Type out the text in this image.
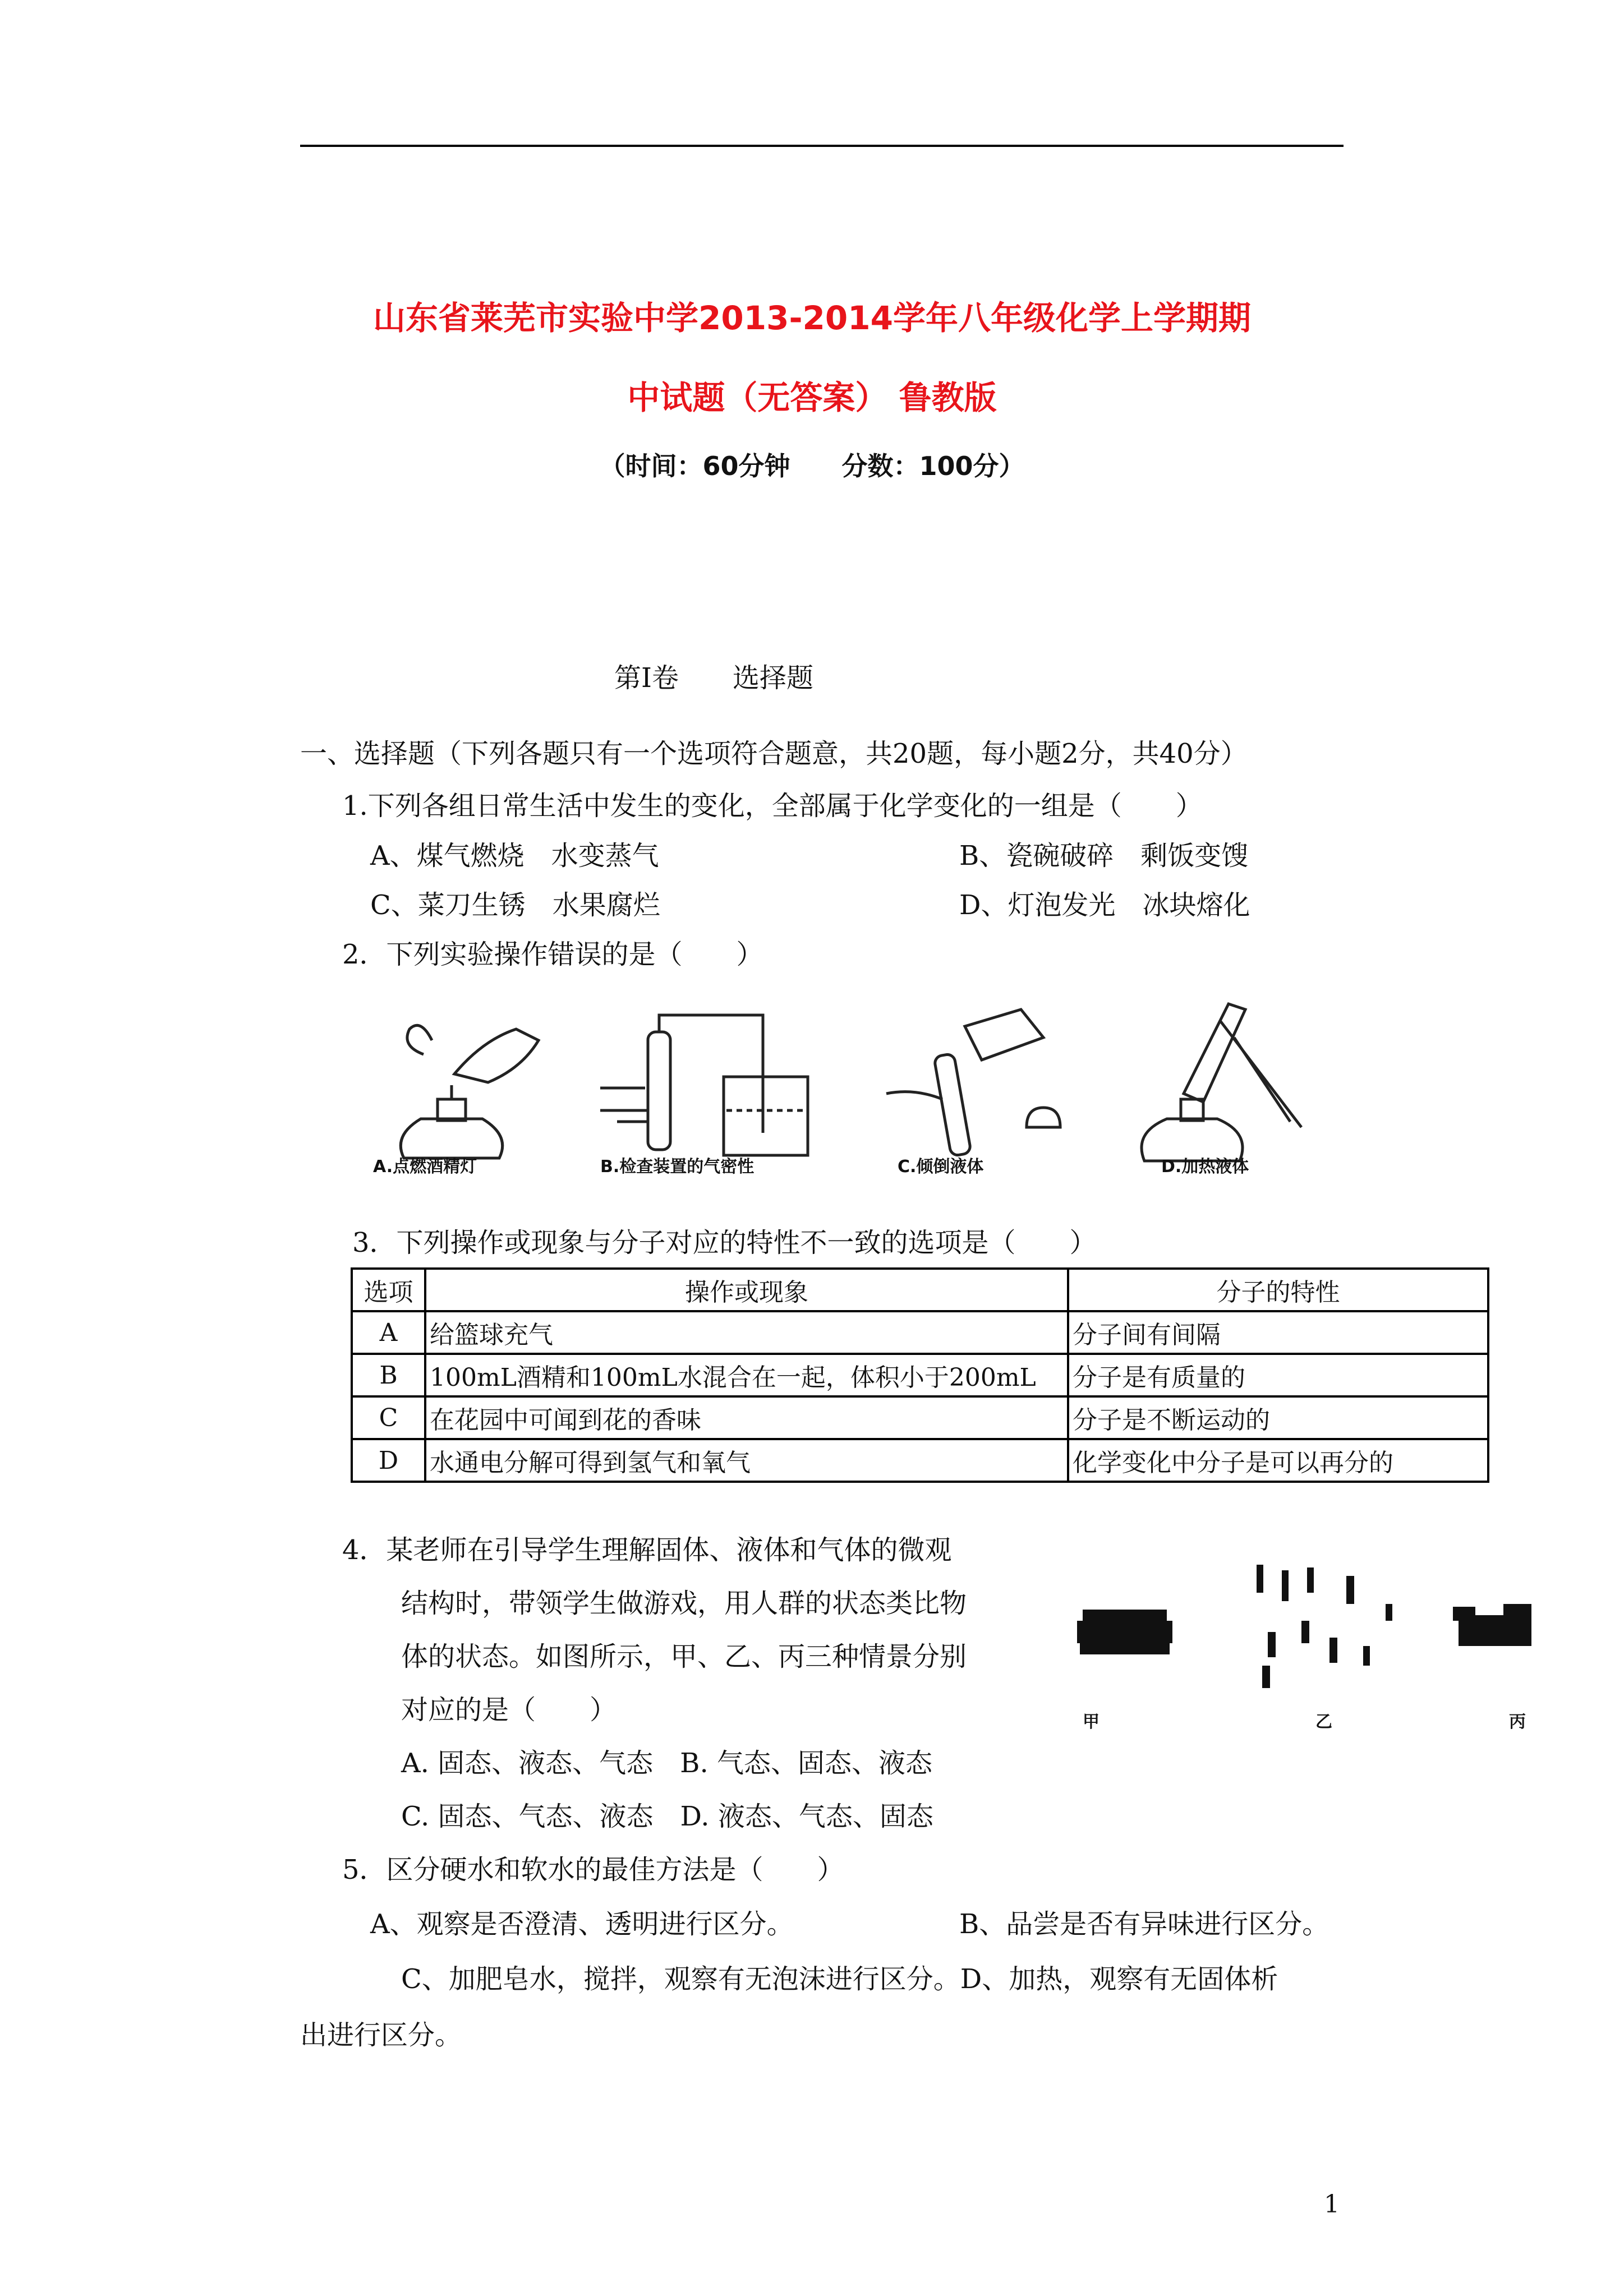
山东省莱芜市实验中学2013-2014学年八年级化学上学期期
中试题（无答案） 鲁教版
（时间：60分钟　　分数：100分）
第Ⅰ卷　　选择题
一、选择题（下列各题只有一个选项符合题意，共20题，每小题2分，共40分）
1.下列各组日常生活中发生的变化，全部属于化学变化的一组是（　　）
A、煤气燃烧　水变蒸气	B、瓷碗破碎　剩饭变馊
C、菜刀生锈　水果腐烂	D、灯泡发光　冰块熔化
2．下列实验操作错误的是（　　）
A.点燃酒精灯	B.检查装置的气密性	C.倾倒液体	D.加热液体
3．下列操作或现象与分子对应的特性不一致的选项是（　　）
选项	操作或现象	分子的特性
A	给篮球充气	分子间有间隔
B	100mL酒精和100mL水混合在一起，体积小于200mL	分子是有质量的
C	在花园中可闻到花的香味	分子是不断运动的
D	水通电分解可得到氢气和氧气	化学变化中分子是可以再分的
4．某老师在引导学生理解固体、液体和气体的微观
结构时，带领学生做游戏，用人群的状态类比物
体的状态。如图所示，甲、乙、丙三种情景分别
对应的是（　　）
A. 固态、液态、气态　B. 气态、固态、液态
C. 固态、气态、液态　D. 液态、气态、固态
甲	乙	丙
5．区分硬水和软水的最佳方法是（　　）
A、观察是否澄清、透明进行区分。	B、品尝是否有异味进行区分。
C、加肥皂水，搅拌，观察有无泡沫进行区分。D、加热，观察有无固体析
出进行区分。
1
